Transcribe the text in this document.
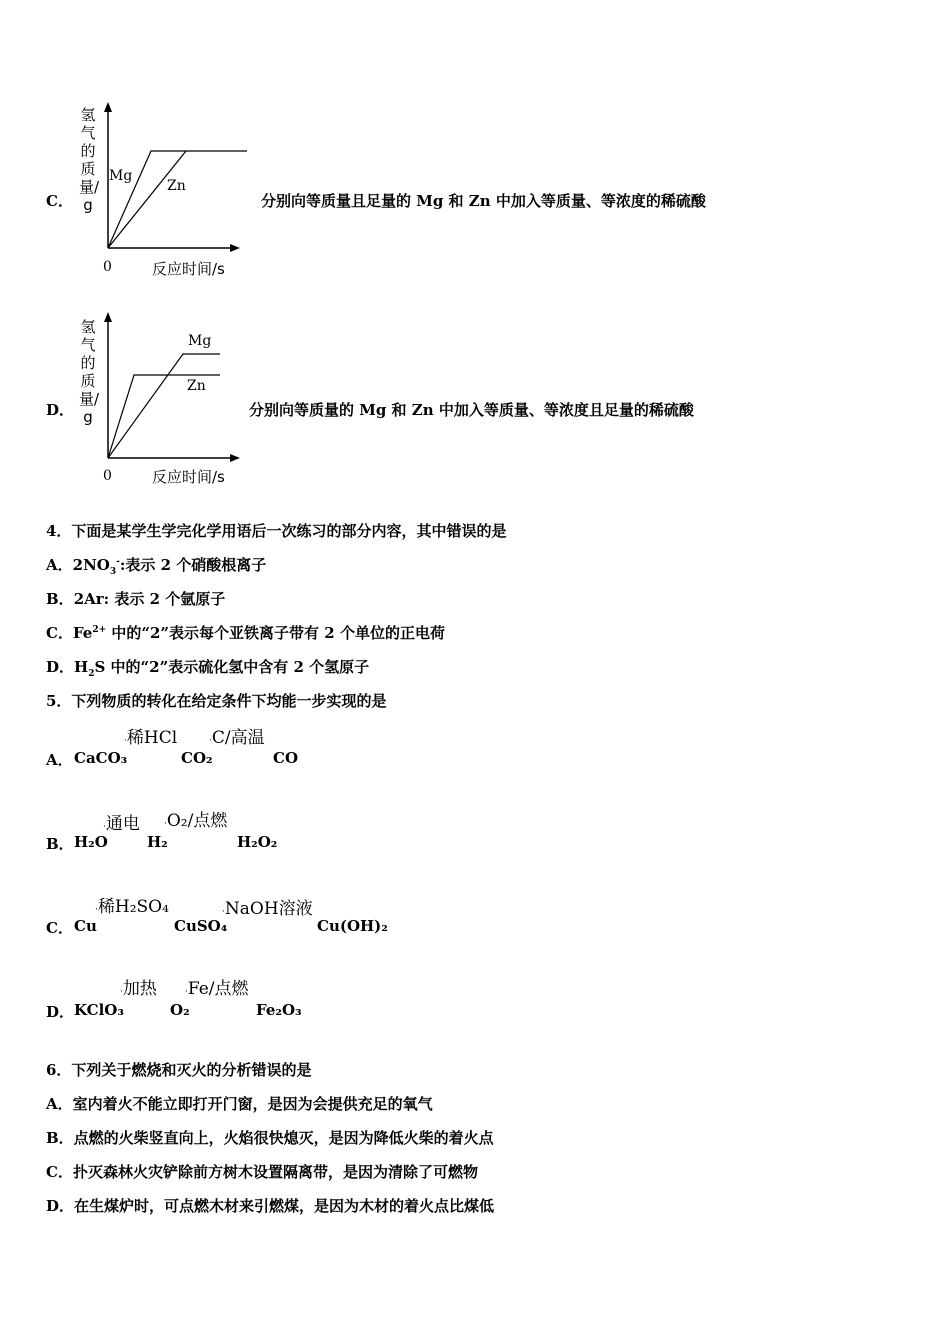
C．
氢气的质量/g
Mg
Zn
0	反应时间/s
分别向等质量且足量的 Mg 和 Zn 中加入等质量、等浓度的稀硫酸
D．
氢气的质量/g
Mg
Zn
0	反应时间/s
分别向等质量的 Mg 和 Zn 中加入等质量、等浓度且足量的稀硫酸
4．下面是某学生学完化学用语后一次练习的部分内容，其中错误的是
A．$2NO_3^-$:表示 2 个硝酸根离子
B．2Ar: 表示 2 个氩原子
C．$Fe^{2+}$ 中的“2”表示每个亚铁离子带有 2 个单位的正电荷
D．$H_2S$ 中的“2”表示硫化氢中含有 2 个氢原子
5．下列物质的转化在给定条件下均能一步实现的是
·稀HCl	·C/高温
A． CaCO₃	CO₂	CO
·通电	·O₂/点燃
B． H₂O	H₂	H₂O₂
·稀H₂SO₄	·NaOH溶液
C． Cu	CuSO₄	Cu(OH)₂
·加热	·Fe/点燃
D． KClO₃	O₂	Fe₂O₃
6．下列关于燃烧和灭火的分析错误的是
A．室内着火不能立即打开门窗，是因为会提供充足的氧气
B．点燃的火柴竖直向上，火焰很快熄灭，是因为降低火柴的着火点
C．扑灭森林火灾铲除前方树木设置隔离带，是因为清除了可燃物
D．在生煤炉时，可点燃木材来引燃煤，是因为木材的着火点比煤低
